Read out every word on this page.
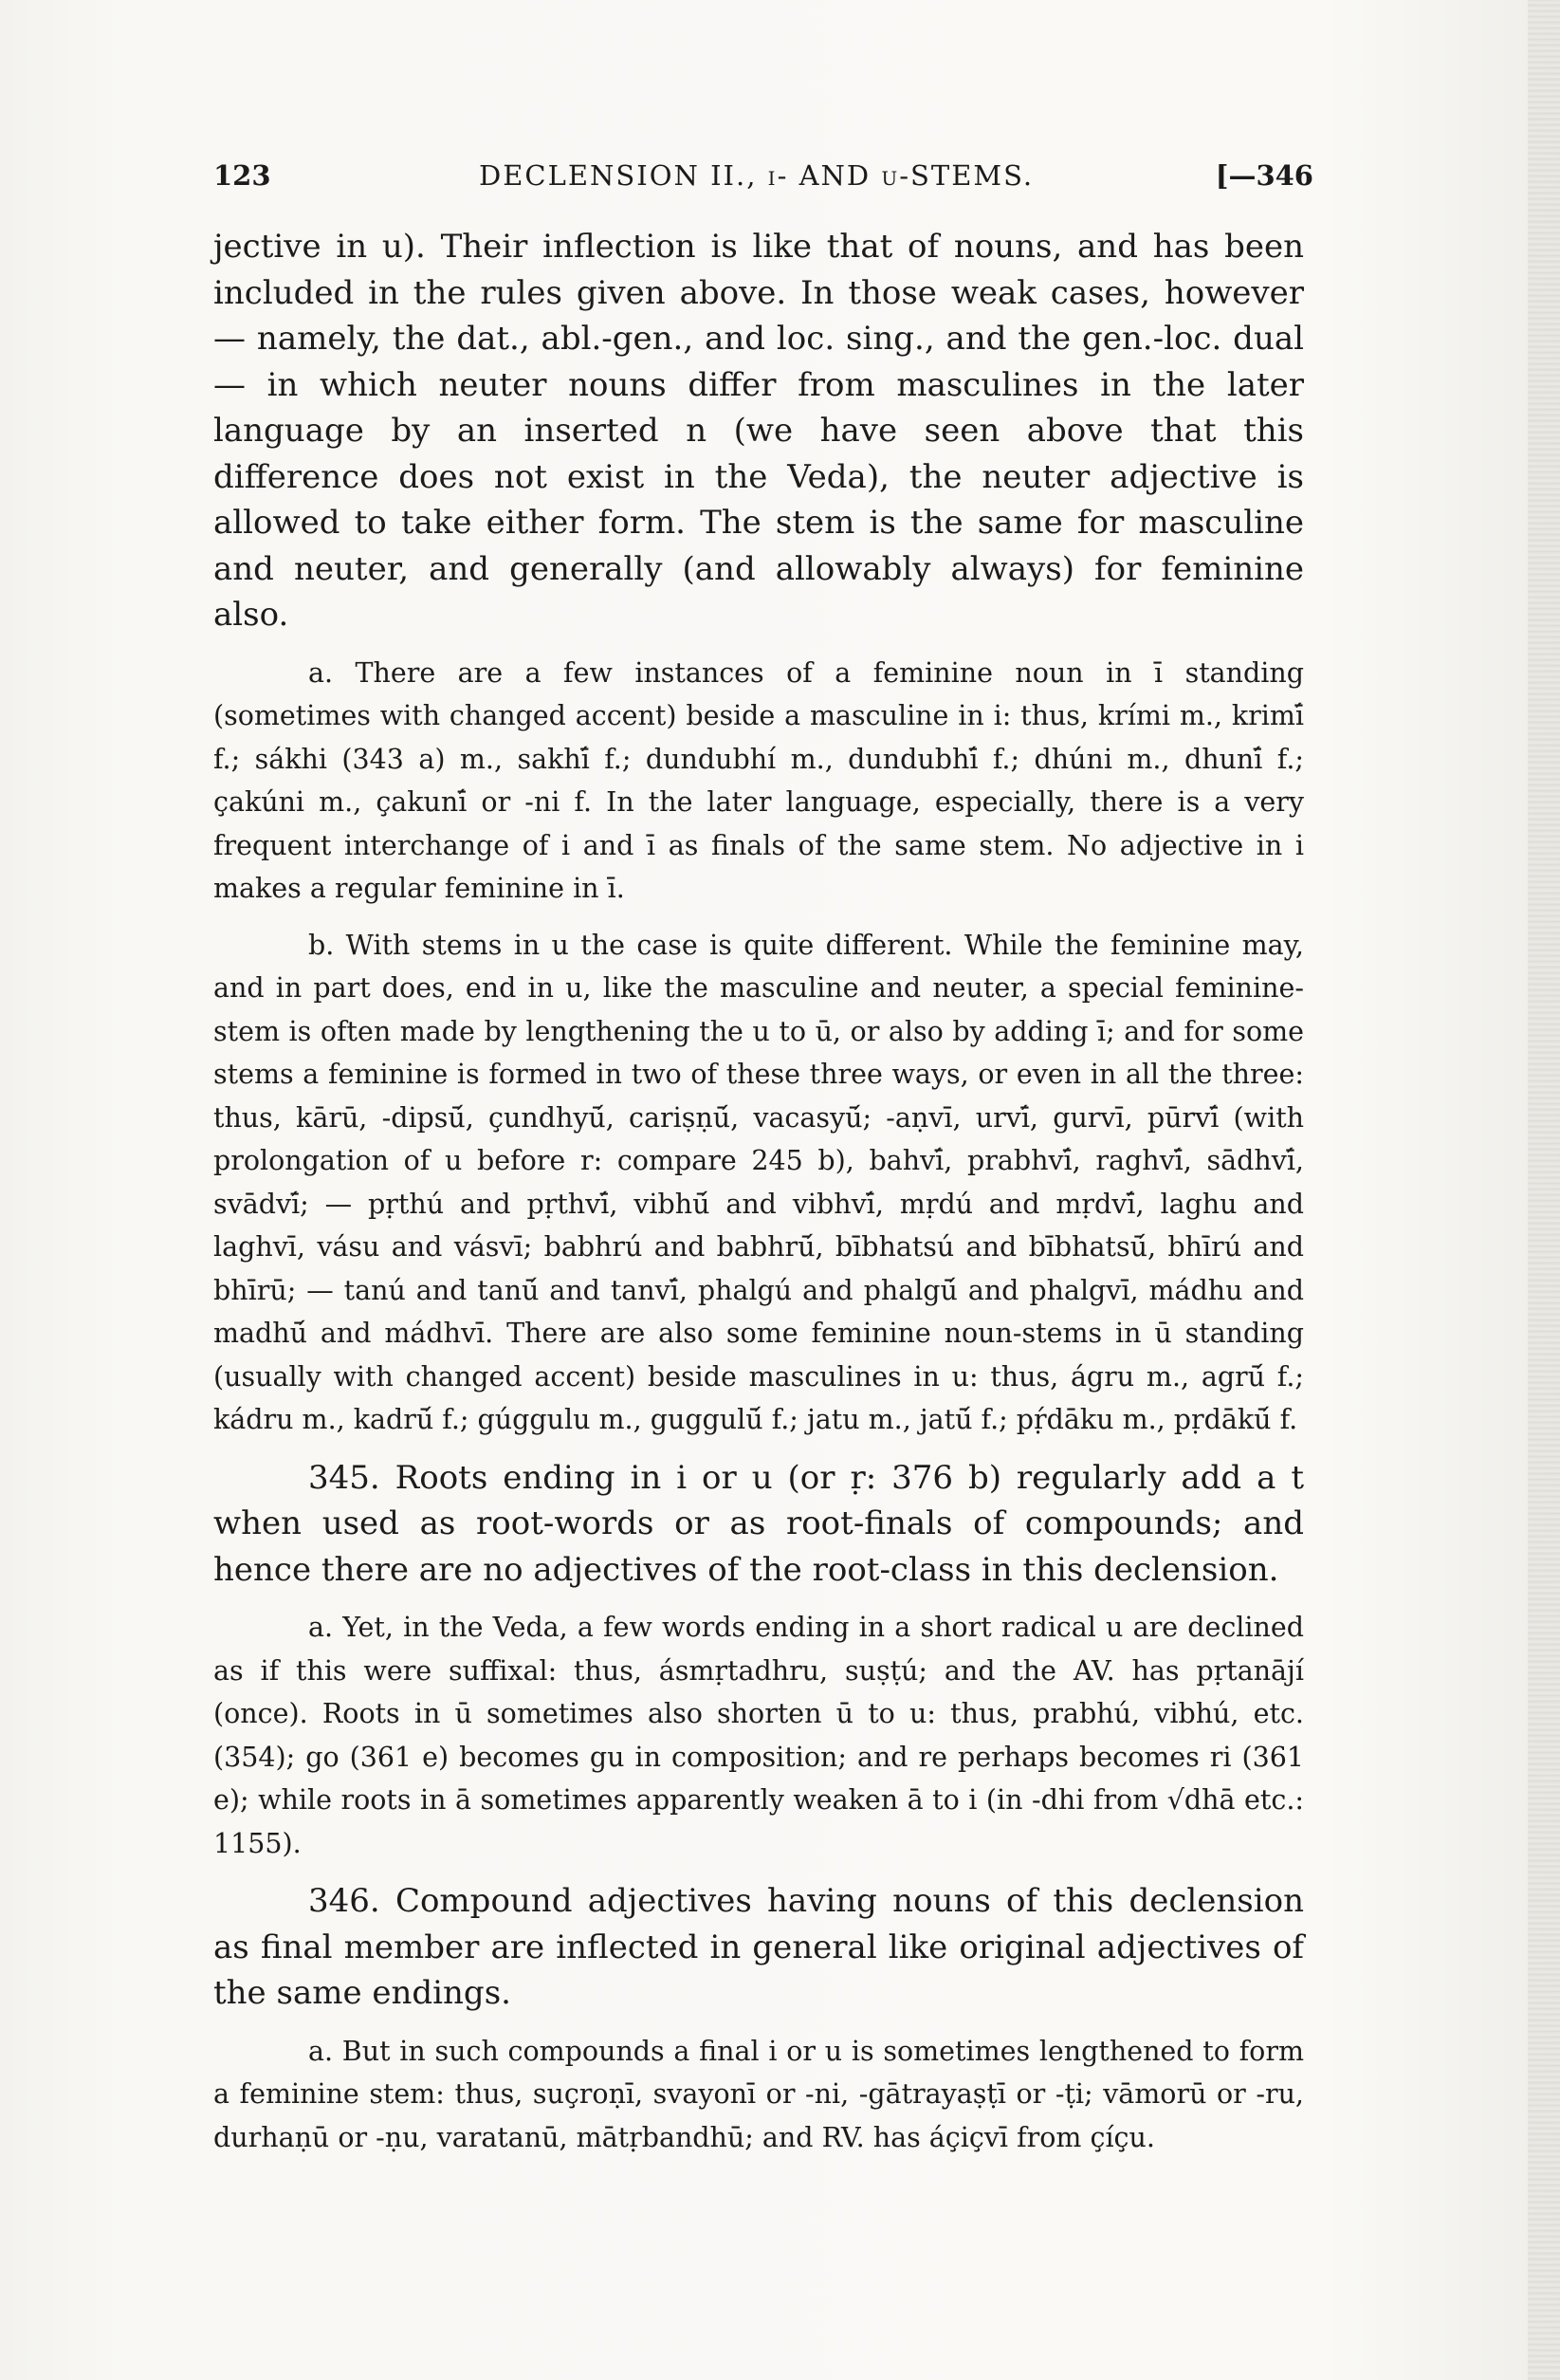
123	DECLENSION II., i- AND u-STEMS.	[—346

jective in u). Their inflection is like that of nouns, and has been included in the rules given above. In those weak cases, however — namely, the dat., abl.-gen., and loc. sing., and the gen.-loc. dual — in which neuter nouns differ from masculines in the later language by an inserted n (we have seen above that this difference does not exist in the Veda), the neuter adjective is allowed to take either form. The stem is the same for masculine and neuter, and generally (and allowably always) for feminine also.

a. There are a few instances of a feminine noun in ī standing (sometimes with changed accent) beside a masculine in i: thus, krími m., krimī́ f.; sákhi (343 a) m., sakhī́ f.; dundubhí m., dundubhī́ f.; dhúni m., dhunī́ f.; çakúni m., çakunī́ or -ni f. In the later language, especially, there is a very frequent interchange of i and ī as finals of the same stem. No adjective in i makes a regular feminine in ī.

b. With stems in u the case is quite different. While the feminine may, and in part does, end in u, like the masculine and neuter, a special feminine-stem is often made by lengthening the u to ū, or also by adding ī; and for some stems a feminine is formed in two of these three ways, or even in all the three: thus, kārū, -dipsū́, çundhyū́, cariṣṇū́, vacasyū́; -aṇvī, urvī́, gurvī, pūrvī́ (with prolongation of u before r: compare 245 b), bahvī́, prabhvī́, raghvī́, sādhvī́, svādvī́; — pṛthú and pṛthvī́, vibhū́ and vibhvī́, mṛdú and mṛdvī́, laghu and laghvī, vásu and vásvī; babhrú and babhrū́, bībhatsú and bībhatsū́, bhīrú and bhīrū; — tanú and tanū́ and tanvī́, phalgú and phalgū́ and phalgvī, mádhu and madhū́ and mádhvī. There are also some feminine noun-stems in ū standing (usually with changed accent) beside masculines in u: thus, ágru m., agrū́ f.; kádru m., kadrū́ f.; gúggulu m., guggulū́ f.; jatu m., jatū́ f.; pṛ́dāku m., pṛdākū́ f.

345. Roots ending in i or u (or ṛ: 376 b) regularly add a t when used as root-words or as root-finals of compounds; and hence there are no adjectives of the root-class in this declension.

a. Yet, in the Veda, a few words ending in a short radical u are declined as if this were suffixal: thus, ásmṛtadhru, suṣṭú; and the AV. has pṛtanājí (once). Roots in ū sometimes also shorten ū to u: thus, prabhú, vibhú, etc. (354); go (361 e) becomes gu in composition; and re perhaps becomes ri (361 e); while roots in ā sometimes apparently weaken ā to i (in -dhi from √dhā etc.: 1155).

346. Compound adjectives having nouns of this declension as final member are inflected in general like original adjectives of the same endings.

a. But in such compounds a final i or u is sometimes lengthened to form a feminine stem: thus, suçroṇī, svayonī or -ni, -gātrayaṣṭī or -ṭi; vāmorū or -ru, durhaṇū or -ṇu, varatanū, mātṛbandhū; and RV. has áçiçvī from çíçu.
